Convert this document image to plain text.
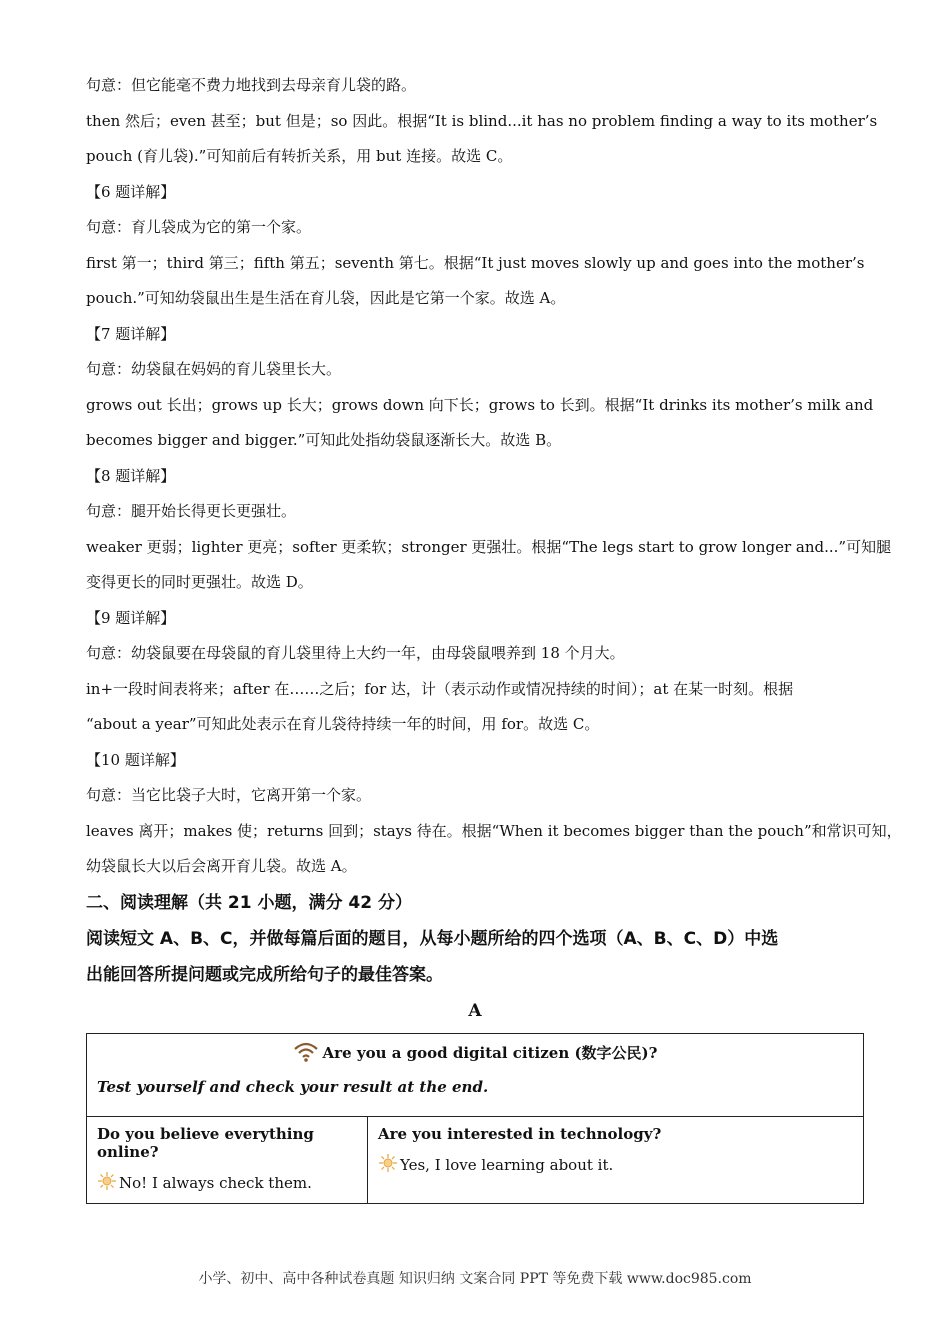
句意：但它能毫不费力地找到去母亲育儿袋的路。
then 然后；even 甚至；but 但是；so 因此。根据“It is blind...it has no problem finding a way to its mother’s
pouch (育儿袋).”可知前后有转折关系，用 but 连接。故选 C。
【6 题详解】
句意：育儿袋成为它的第一个家。
first 第一；third 第三；fifth 第五；seventh 第七。根据“It just moves slowly up and goes into the mother’s
pouch.”可知幼袋鼠出生是生活在育儿袋，因此是它第一个家。故选 A。
【7 题详解】
句意：幼袋鼠在妈妈的育儿袋里长大。
grows out 长出；grows up 长大；grows down 向下长；grows to 长到。根据“It drinks its mother’s milk and
becomes bigger and bigger.”可知此处指幼袋鼠逐渐长大。故选 B。
【8 题详解】
句意：腿开始长得更长更强壮。
weaker 更弱；lighter 更亮；softer 更柔软；stronger 更强壮。根据“The legs start to grow longer and...”可知腿
变得更长的同时更强壮。故选 D。
【9 题详解】
句意：幼袋鼠要在母袋鼠的育儿袋里待上大约一年，由母袋鼠喂养到 18 个月大。
in+一段时间表将来；after 在……之后；for 达，计（表示动作或情况持续的时间）；at 在某一时刻。根据
“about a year”可知此处表示在育儿袋待持续一年的时间，用 for。故选 C。
【10 题详解】
句意：当它比袋子大时，它离开第一个家。
leaves 离开；makes 使；returns 回到；stays 待在。根据“When it becomes bigger than the pouch”和常识可知，
幼袋鼠长大以后会离开育儿袋。故选 A。
二、阅读理解（共 21 小题，满分 42 分）
阅读短文 A、B、C，并做每篇后面的题目，从每小题所给的四个选项（A、B、C、D）中选
出能回答所提问题或完成所给句子的最佳答案。
A
Are you a good digital citizen (数字公民)?
Test yourself and check your result at the end.

Do you believe everything online?
No! I always check them.

Are you interested in technology?
Yes, I love learning about it.
小学、初中、高中各种试卷真题 知识归纳 文案合同 PPT 等免费下载 www.doc985.com
